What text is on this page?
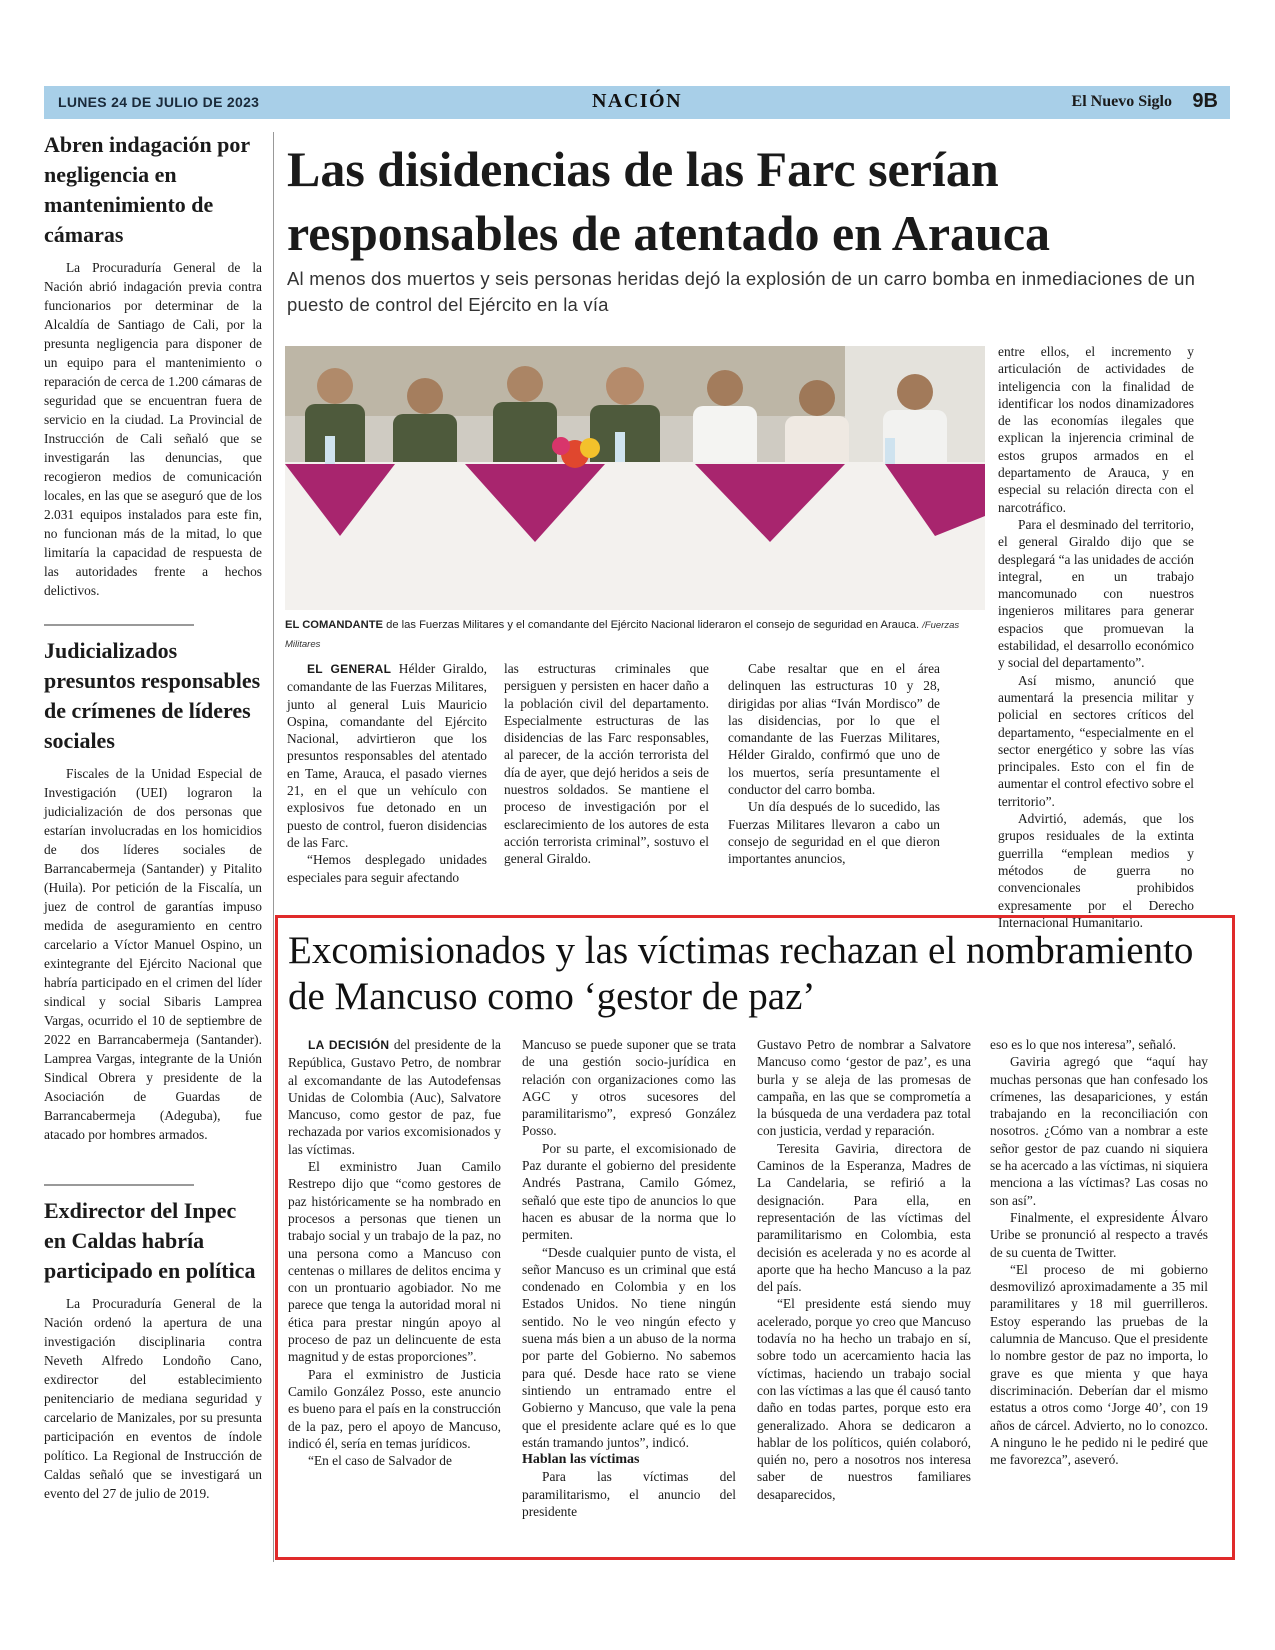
LUNES 24 DE JULIO DE 2023	NACIÓN	El Nuevo Siglo 9B
Abren indagación por negligencia en mantenimiento de cámaras

La Procuraduría General de la Nación abrió indagación previa contra funcionarios por determinar de la Alcaldía de Santiago de Cali, por la presunta negligencia para disponer de un equipo para el mantenimiento o reparación de cerca de 1.200 cámaras de seguridad que se encuentran fuera de servicio en la ciudad. La Provincial de Instrucción de Cali señaló que se investigarán las denuncias, que recogieron medios de comunicación locales, en las que se aseguró que de los 2.031 equipos instalados para este fin, no funcionan más de la mitad, lo que limitaría la capacidad de respuesta de las autoridades frente a hechos delictivos.

Judicializados presuntos responsables de crímenes de líderes sociales

Fiscales de la Unidad Especial de Investigación (UEI) lograron la judicialización de dos personas que estarían involucradas en los homicidios de dos líderes sociales de Barrancabermeja (Santander) y Pitalito (Huila). Por petición de la Fiscalía, un juez de control de garantías impuso medida de aseguramiento en centro carcelario a Víctor Manuel Ospino, un exintegrante del Ejército Nacional que habría participado en el crimen del líder sindical y social Sibaris Lamprea Vargas, ocurrido el 10 de septiembre de 2022 en Barrancabermeja (Santander). Lamprea Vargas, integrante de la Unión Sindical Obrera y presidente de la Asociación de Guardas de Barrancabermeja (Adeguba), fue atacado por hombres armados.

Exdirector del Inpec en Caldas habría participado en política

La Procuraduría General de la Nación ordenó la apertura de una investigación disciplinaria contra Neveth Alfredo Londoño Cano, exdirector del establecimiento penitenciario de mediana seguridad y carcelario de Manizales, por su presunta participación en eventos de índole político. La Regional de Instrucción de Caldas señaló que se investigará un evento del 27 de julio de 2019.

Las disidencias de las Farc serían responsables de atentado en Arauca

Al menos dos muertos y seis personas heridas dejó la explosión de un carro bomba en inmediaciones de un puesto de control del Ejército en la vía

EL COMANDANTE de las Fuerzas Militares y el comandante del Ejército Nacional lideraron el consejo de seguridad en Arauca. /Fuerzas Militares

EL GENERAL Hélder Giraldo, comandante de las Fuerzas Militares, junto al general Luis Mauricio Ospina, comandante del Ejército Nacional, advirtieron que los presuntos responsables del atentado en Tame, Arauca, el pasado viernes 21, en el que un vehículo con explosivos fue detonado en un puesto de control, fueron disidencias de las Farc.

“Hemos desplegado unidades especiales para seguir afectando

las estructuras criminales que persiguen y persisten en hacer daño a la población civil del departamento. Especialmente estructuras de las disidencias de las Farc responsables, al parecer, de la acción terrorista del día de ayer, que dejó heridos a seis de nuestros soldados. Se mantiene el proceso de investigación por el esclarecimiento de los autores de esta acción terrorista criminal”, sostuvo el general Giraldo.

Cabe resaltar que en el área delinquen las estructuras 10 y 28, dirigidas por alias “Iván Mordisco” de las disidencias, por lo que el comandante de las Fuerzas Militares, Hélder Giraldo, confirmó que uno de los muertos, sería presuntamente el conductor del carro bomba.

Un día después de lo sucedido, las Fuerzas Militares llevaron a cabo un consejo de seguridad en el que dieron importantes anuncios,

entre ellos, el incremento y articulación de actividades de inteligencia con la finalidad de identificar los nodos dinamizadores de las economías ilegales que explican la injerencia criminal de estos grupos armados en el departamento de Arauca, y en especial su relación directa con el narcotráfico.

Para el desminado del territorio, el general Giraldo dijo que se desplegará “a las unidades de acción integral, en un trabajo mancomunado con nuestros ingenieros militares para generar espacios que promuevan la estabilidad, el desarrollo económico y social del departamento”.

Así mismo, anunció que aumentará la presencia militar y policial en sectores críticos del departamento, “especialmente en el sector energético y sobre las vías principales. Esto con el fin de aumentar el control efectivo sobre el territorio”.

Advirtió, además, que los grupos residuales de la extinta guerrilla “emplean medios y métodos de guerra no convencionales prohibidos expresamente por el Derecho Internacional Humanitario.

Excomisionados y las víctimas rechazan el nombramiento de Mancuso como ‘gestor de paz’

LA DECISIÓN del presidente de la República, Gustavo Petro, de nombrar al excomandante de las Autodefensas Unidas de Colombia (Auc), Salvatore Mancuso, como gestor de paz, fue rechazada por varios excomisionados y las víctimas.

El exministro Juan Camilo Restrepo dijo que “como gestores de paz históricamente se ha nombrado en procesos a personas que tienen un trabajo social y un trabajo de la paz, no una persona como a Mancuso con centenas o millares de delitos encima y con un prontuario agobiador. No me parece que tenga la autoridad moral ni ética para prestar ningún apoyo al proceso de paz un delincuente de esta magnitud y de estas proporciones”.

Para el exministro de Justicia Camilo González Posso, este anuncio es bueno para el país en la construcción de la paz, pero el apoyo de Mancuso, indicó él, sería en temas jurídicos.

“En el caso de Salvador de

Mancuso se puede suponer que se trata de una gestión socio-jurídica en relación con organizaciones como las AGC y otros sucesores del paramilitarismo”, expresó González Posso.

Por su parte, el excomisionado de Paz durante el gobierno del presidente Andrés Pastrana, Camilo Gómez, señaló que este tipo de anuncios lo que hacen es abusar de la norma que lo permiten.

“Desde cualquier punto de vista, el señor Mancuso es un criminal que está condenado en Colombia y en los Estados Unidos. No tiene ningún sentido. No le veo ningún efecto y suena más bien a un abuso de la norma por parte del Gobierno. No sabemos para qué. Desde hace rato se viene sintiendo un entramado entre el Gobierno y Mancuso, que vale la pena que el presidente aclare qué es lo que están tramando juntos”, indicó.

Hablan las víctimas

Para las víctimas del paramilitarismo, el anuncio del presidente

Gustavo Petro de nombrar a Salvatore Mancuso como ‘gestor de paz’, es una burla y se aleja de las promesas de campaña, en las que se comprometía a la búsqueda de una verdadera paz total con justicia, verdad y reparación.

Teresita Gaviria, directora de Caminos de la Esperanza, Madres de La Candelaria, se refirió a la designación. Para ella, en representación de las víctimas del paramilitarismo en Colombia, esta decisión es acelerada y no es acorde al aporte que ha hecho Mancuso a la paz del país.

“El presidente está siendo muy acelerado, porque yo creo que Mancuso todavía no ha hecho un trabajo en sí, sobre todo un acercamiento hacia las víctimas, haciendo un trabajo social con las víctimas a las que él causó tanto daño en todas partes, porque esto era generalizado. Ahora se dedicaron a hablar de los políticos, quién colaboró, quién no, pero a nosotros nos interesa saber de nuestros familiares desaparecidos,

eso es lo que nos interesa”, señaló.

Gaviria agregó que “aquí hay muchas personas que han confesado los crímenes, las desapariciones, y están trabajando en la reconciliación con nosotros. ¿Cómo van a nombrar a este señor gestor de paz cuando ni siquiera se ha acercado a las víctimas, ni siquiera menciona a las víctimas? Las cosas no son así”.

Finalmente, el expresidente Álvaro Uribe se pronunció al respecto a través de su cuenta de Twitter.

“El proceso de mi gobierno desmovilizó aproximadamente a 35 mil paramilitares y 18 mil guerrilleros. Estoy esperando las pruebas de la calumnia de Mancuso. Que el presidente lo nombre gestor de paz no importa, lo grave es que mienta y que haya discriminación. Deberían dar el mismo estatus a otros como ‘Jorge 40’, con 19 años de cárcel. Advierto, no lo conozco. A ninguno le he pedido ni le pediré que me favorezca”, aseveró.
